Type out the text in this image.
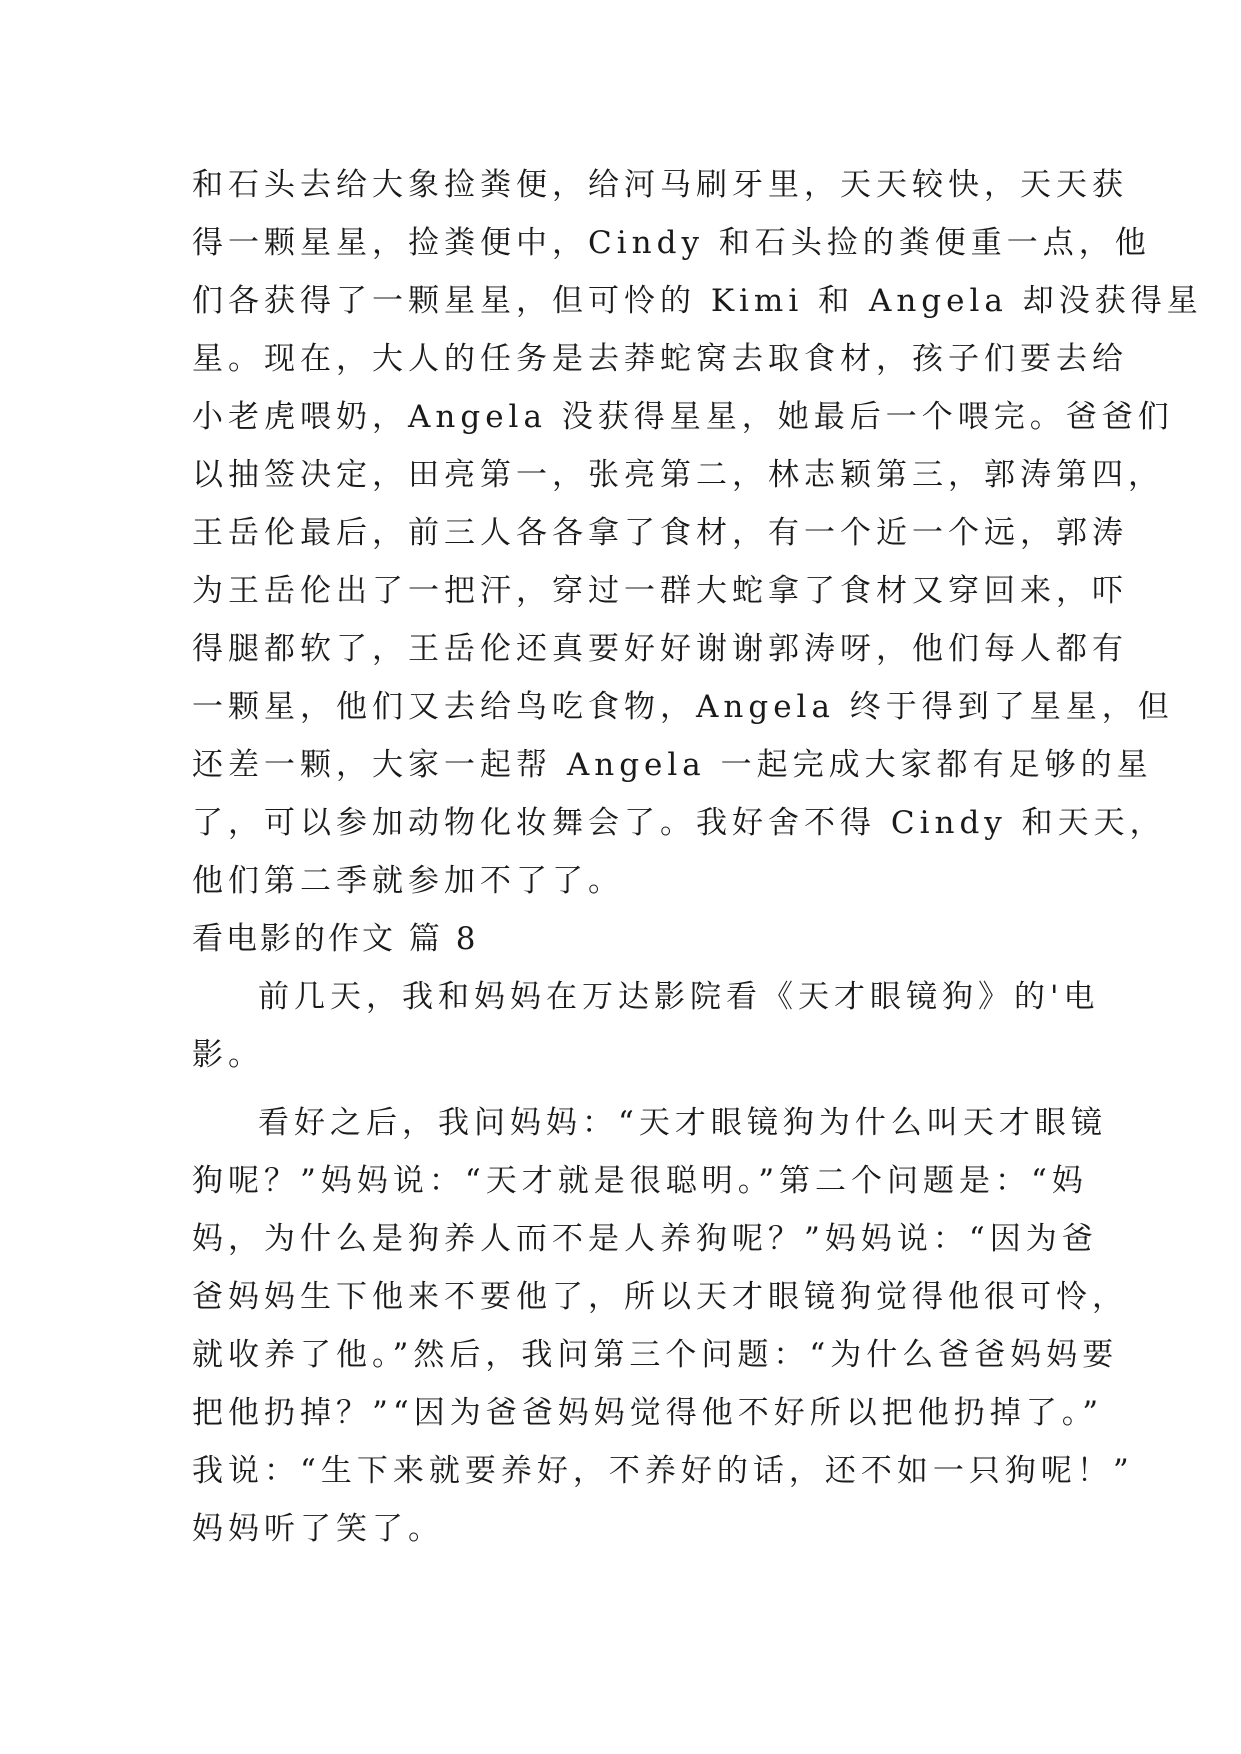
和石头去给大象捡粪便，给河马刷牙里，天天较快，天天获
得一颗星星，捡粪便中，Cindy 和石头捡的粪便重一点，他
们各获得了一颗星星，但可怜的 Kimi 和 Angela 却没获得星
星。现在，大人的任务是去莽蛇窝去取食材，孩子们要去给
小老虎喂奶，Angela 没获得星星，她最后一个喂完。爸爸们
以抽签决定，田亮第一，张亮第二，林志颖第三，郭涛第四，
王岳伦最后，前三人各各拿了食材，有一个近一个远，郭涛
为王岳伦出了一把汗，穿过一群大蛇拿了食材又穿回来，吓
得腿都软了，王岳伦还真要好好谢谢郭涛呀，他们每人都有
一颗星，他们又去给鸟吃食物，Angela 终于得到了星星，但
还差一颗，大家一起帮 Angela 一起完成大家都有足够的星
了，可以参加动物化妆舞会了。我好舍不得 Cindy 和天天，
他们第二季就参加不了了。
看电影的作文 篇 8
前几天，我和妈妈在万达影院看《天才眼镜狗》的'电
影。
看好之后，我问妈妈：“天才眼镜狗为什么叫天才眼镜
狗呢？”妈妈说：“天才就是很聪明。”第二个问题是：“妈
妈，为什么是狗养人而不是人养狗呢？”妈妈说：“因为爸
爸妈妈生下他来不要他了，所以天才眼镜狗觉得他很可怜，
就收养了他。”然后，我问第三个问题：“为什么爸爸妈妈要
把他扔掉？”“因为爸爸妈妈觉得他不好所以把他扔掉了。”
我说：“生下来就要养好，不养好的话，还不如一只狗呢！”
妈妈听了笑了。
